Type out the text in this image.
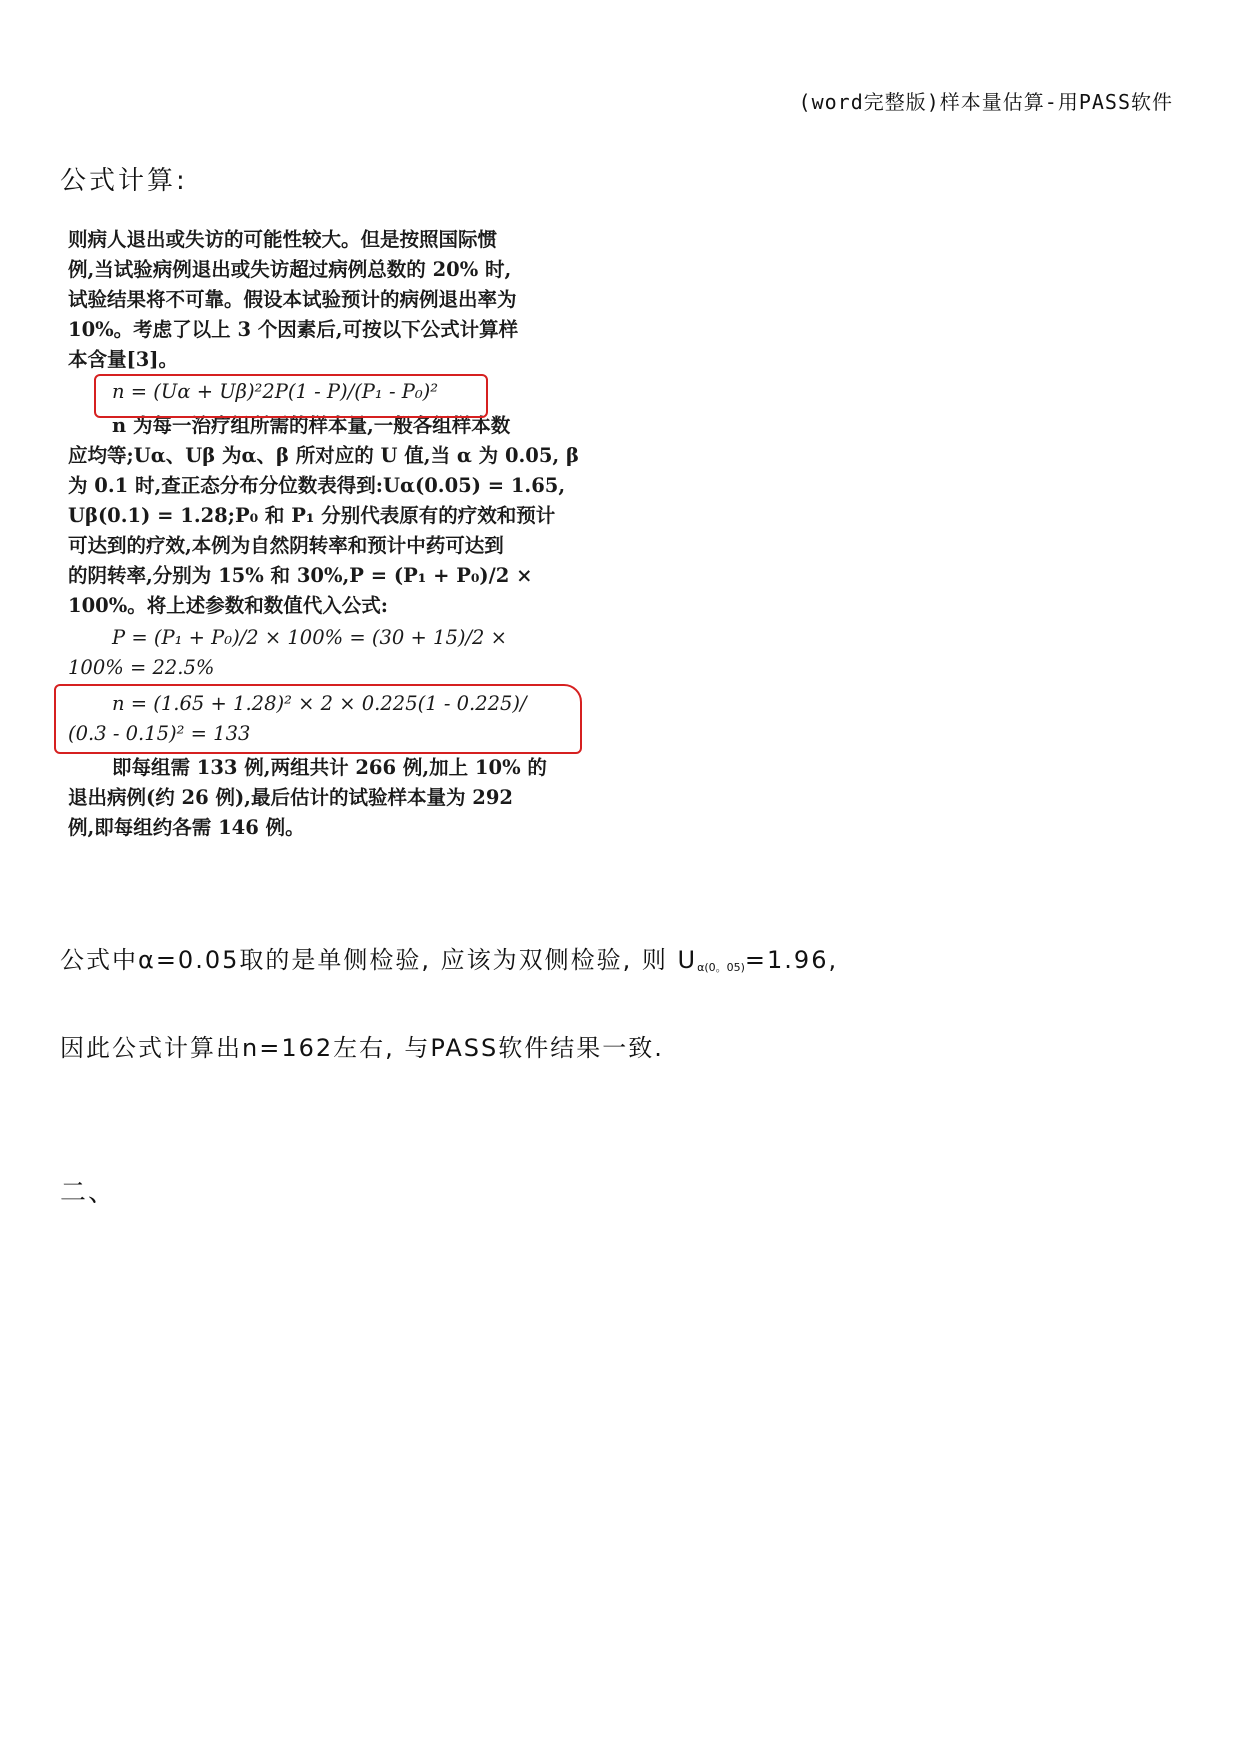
(word完整版)样本量估算-用PASS软件
公式计算:
则病人退出或失访的可能性较大。但是按照国际惯
例,当试验病例退出或失访超过病例总数的 20% 时,
试验结果将不可靠。假设本试验预计的病例退出率为
10%。考虑了以上 3 个因素后,可按以下公式计算样
本含量[3]。
n = (Uα + Uβ)²2P(1 - P)/(P₁ - P₀)²
n 为每一治疗组所需的样本量,一般各组样本数
应均等;Uα、Uβ 为α、β 所对应的 U 值,当 α 为 0.05, β
为 0.1 时,查正态分布分位数表得到:Uα(0.05) = 1.65,
Uβ(0.1) = 1.28;P₀ 和 P₁ 分别代表原有的疗效和预计
可达到的疗效,本例为自然阴转率和预计中药可达到
的阴转率,分别为 15% 和 30%,P = (P₁ + P₀)/2 ×
100%。将上述参数和数值代入公式:
P = (P₁ + P₀)/2 × 100% = (30 + 15)/2 ×
100% = 22.5%
n = (1.65 + 1.28)² × 2 × 0.225(1 - 0.225)/
(0.3 - 0.15)² = 133
即每组需 133 例,两组共计 266 例,加上 10% 的
退出病例(约 26 例),最后估计的试验样本量为 292
例,即每组约各需 146 例。
公式中α=0.05取的是单侧检验, 应该为双侧检验, 则 $U_{\alpha(0。05)}=1.96$,
因此公式计算出n=162左右, 与PASS软件结果一致.
二、
